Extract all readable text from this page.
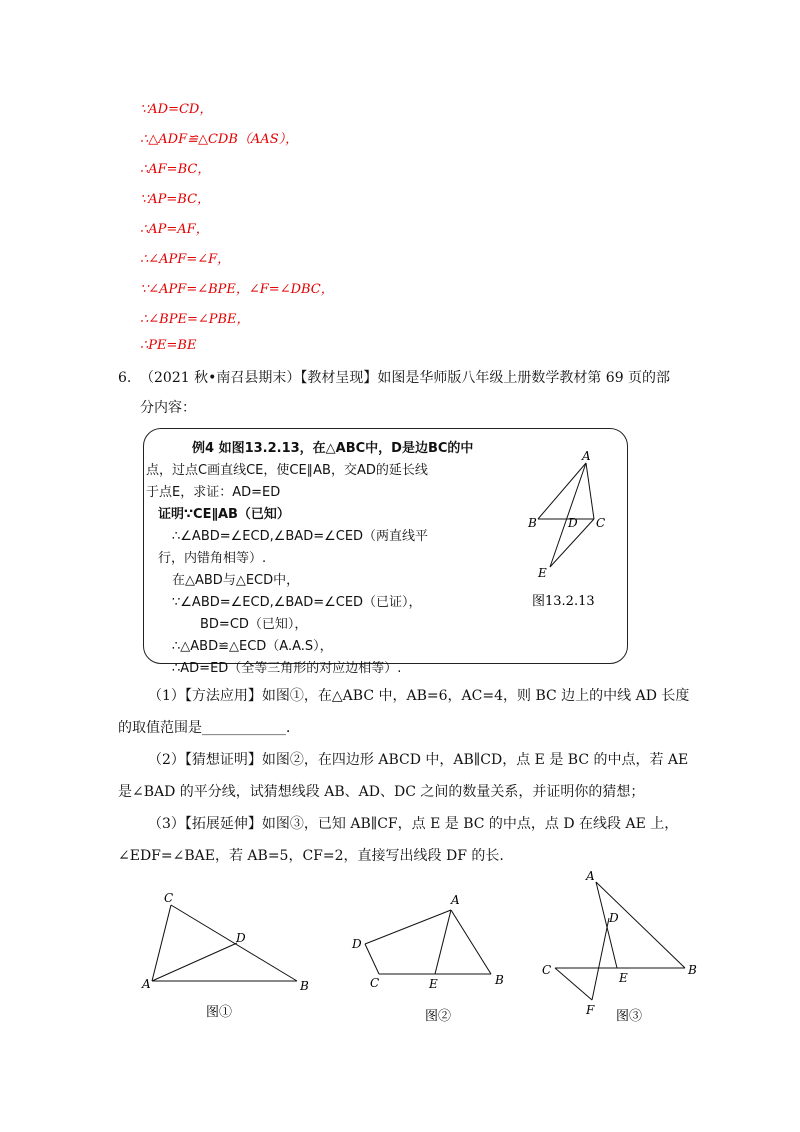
∵AD=CD，
∴△ADF≌△CDB（AAS），
∴AF=BC，
∵AP=BC，
∴AP=AF，
∴∠APF=∠F，
∵∠APF=∠BPE，∠F=∠DBC，
∴∠BPE=∠PBE，
∴PE=BE
6. （2021 秋•南召县期末）【教材呈现】如图是华师版八年级上册数学教材第 69 页的部
分内容：
例4 如图13.2.13，在△ABC中，D是边BC的中
点，过点C画直线CE，使CE∥AB，交AD的延长线
于点E，求证：AD=ED
证明∵CE∥AB（已知）
∴∠ABD=∠ECD,∠BAD=∠CED（两直线平
行，内错角相等）.
在△ABD与△ECD中，
∵∠ABD=∠ECD,∠BAD=∠CED（已证），
BD=CD（已知），
∴△ABD≌△ECD（A.A.S），
∴AD=ED（全等三角形的对应边相等）.
A
B	D C
E
图13.2.13
（1）【方法应用】如图①，在△ABC 中，AB=6，AC=4，则 BC 边上的中线 AD 长度
的取值范围是____________．
（2）【猜想证明】如图②，在四边形 ABCD 中，AB∥CD，点 E 是 BC 的中点，若 AE
是∠BAD 的平分线，试猜想线段 AB、AD、DC 之间的数量关系，并证明你的猜想；
（3）【拓展延伸】如图③，已知 AB∥CF，点 E 是 BC 的中点，点 D 在线段 AE 上，
∠EDF=∠BAE，若 AB=5，CF=2，直接写出线段 DF 的长.
C
A	B
D
图①
A
D
C	E	B
图②
A
D
C
E
B
F 图③
